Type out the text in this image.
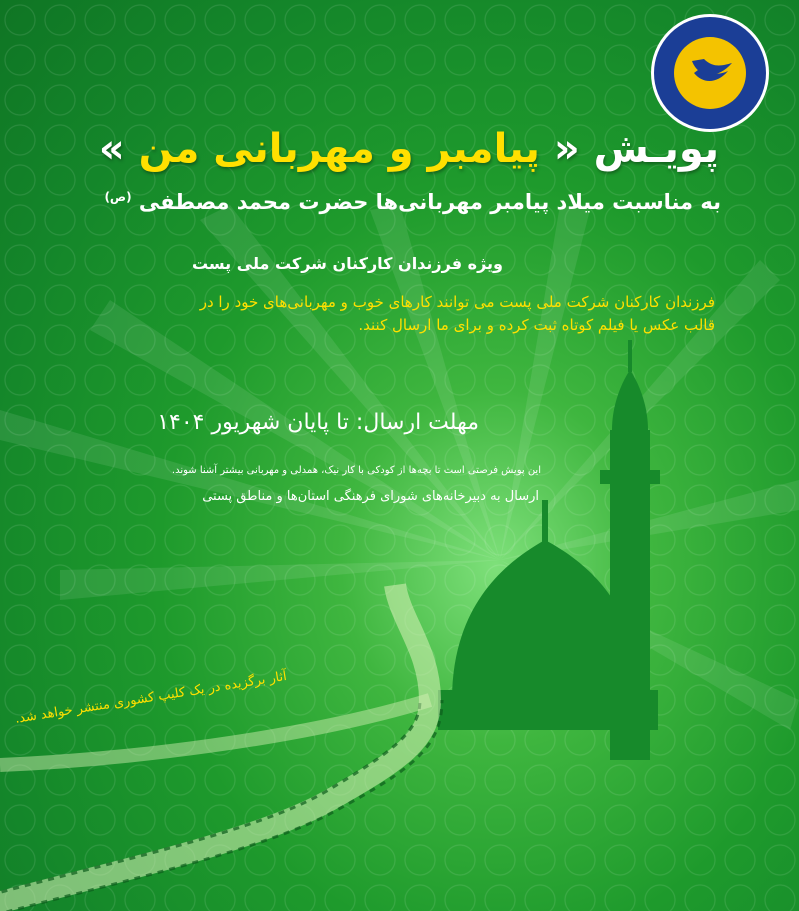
پویـش « پیامبر و مهربانی من »

به مناسبت میلاد پیامبر مهربانی‌ها حضرت محمد مصطفی $^{(ص)}$

ویژه فرزندان کارکنان شرکت ملی پست

فرزندان کارکنان شرکت ملی پست می توانند کارهای خوب و مهربانی‌های خود را در قالب عکس یا فیلم کوتاه ثبت کرده و برای ما ارسال کنند.

مهلت ارسال: تا پایان شهریور ۱۴۰۴

این پویش فرصتی است تا بچه‌ها از کودکی با کار نیک، همدلی و مهربانی بیشتر آشنا شوند.

ارسال به دبیرخانه‌های شورای فرهنگی استان‌ها و مناطق پستی

آثار برگزیده در یک کلیپ کشوری منتشر خواهد شد.
